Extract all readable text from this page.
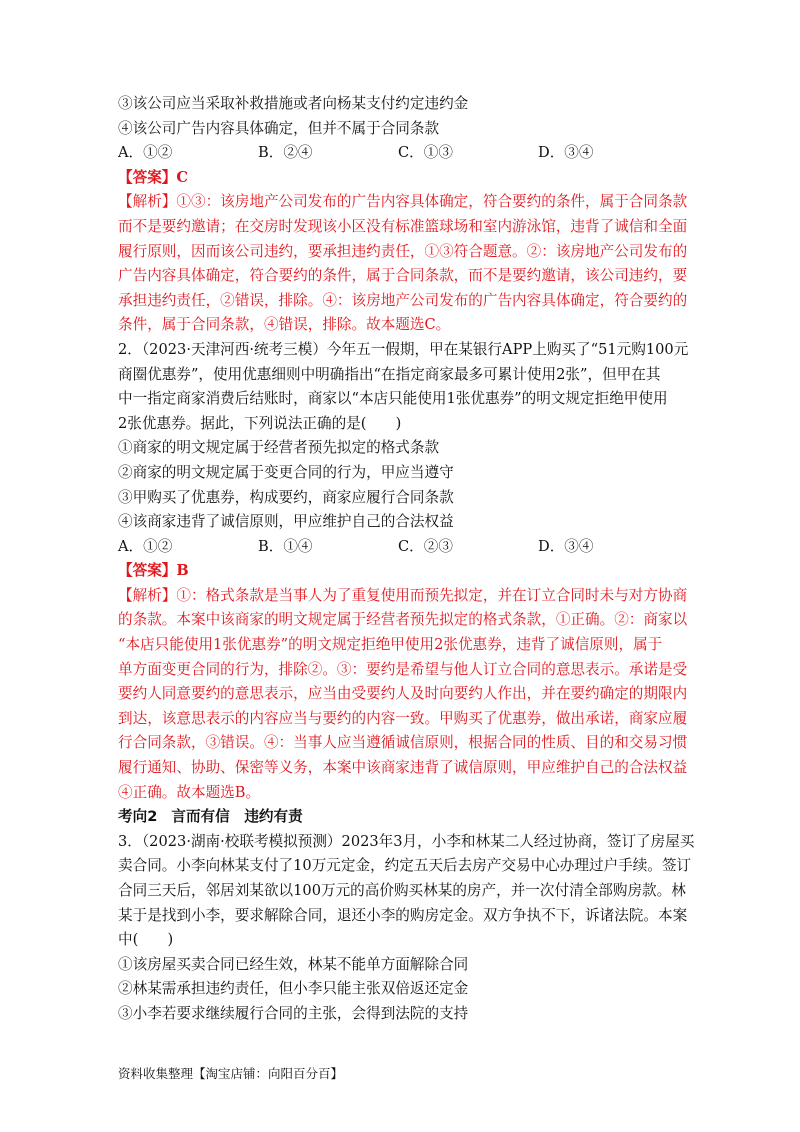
③该公司应当采取补救措施或者向杨某支付约定违约金
④该公司广告内容具体确定，但并不属于合同条款
A．①②	B．②④	C．①③	D．③④
【答案】C
【解析】①③：该房地产公司发布的广告内容具体确定，符合要约的条件，属于合同条款
而不是要约邀请；在交房时发现该小区没有标准篮球场和室内游泳馆，违背了诚信和全面
履行原则，因而该公司违约，要承担违约责任，①③符合题意。②：该房地产公司发布的
广告内容具体确定，符合要约的条件，属于合同条款，而不是要约邀请，该公司违约，要
承担违约责任，②错误，排除。④：该房地产公司发布的广告内容具体确定，符合要约的
条件，属于合同条款，④错误，排除。故本题选C。
2．（2023·天津河西·统考三模）今年五一假期，甲在某银行APP上购买了“51元购100元
商圈优惠券”，使用优惠细则中明确指出“在指定商家最多可累计使用2张”，但甲在其
中一指定商家消费后结账时，商家以“本店只能使用1张优惠券”的明文规定拒绝甲使用
2张优惠券。据此，下列说法正确的是(　　)
①商家的明文规定属于经营者预先拟定的格式条款
②商家的明文规定属于变更合同的行为，甲应当遵守
③甲购买了优惠券，构成要约，商家应履行合同条款
④该商家违背了诚信原则，甲应维护自己的合法权益
A．①②	B．①④	C．②③	D．③④
【答案】B
【解析】①：格式条款是当事人为了重复使用而预先拟定，并在订立合同时未与对方协商
的条款。本案中该商家的明文规定属于经营者预先拟定的格式条款，①正确。②：商家以
“本店只能使用1张优惠券”的明文规定拒绝甲使用2张优惠券，违背了诚信原则，属于
单方面变更合同的行为，排除②。③：要约是希望与他人订立合同的意思表示。承诺是受
要约人同意要约的意思表示，应当由受要约人及时向要约人作出，并在要约确定的期限内
到达，该意思表示的内容应当与要约的内容一致。甲购买了优惠券，做出承诺，商家应履
行合同条款，③错误。④：当事人应当遵循诚信原则，根据合同的性质、目的和交易习惯
履行通知、协助、保密等义务，本案中该商家违背了诚信原则，甲应维护自己的合法权益
④正确。故本题选B。
考向2 言而有信　违约有责
3．（2023·湖南·校联考模拟预测）2023年3月，小李和林某二人经过协商，签订了房屋买
卖合同。小李向林某支付了10万元定金，约定五天后去房产交易中心办理过户手续。签订
合同三天后，邻居刘某欲以100万元的高价购买林某的房产，并一次付清全部购房款。林
某于是找到小李，要求解除合同，退还小李的购房定金。双方争执不下，诉诸法院。本案
中(　　)
①该房屋买卖合同已经生效，林某不能单方面解除合同
②林某需承担违约责任，但小李只能主张双倍返还定金
③小李若要求继续履行合同的主张，会得到法院的支持
资料收集整理【淘宝店铺：向阳百分百】
